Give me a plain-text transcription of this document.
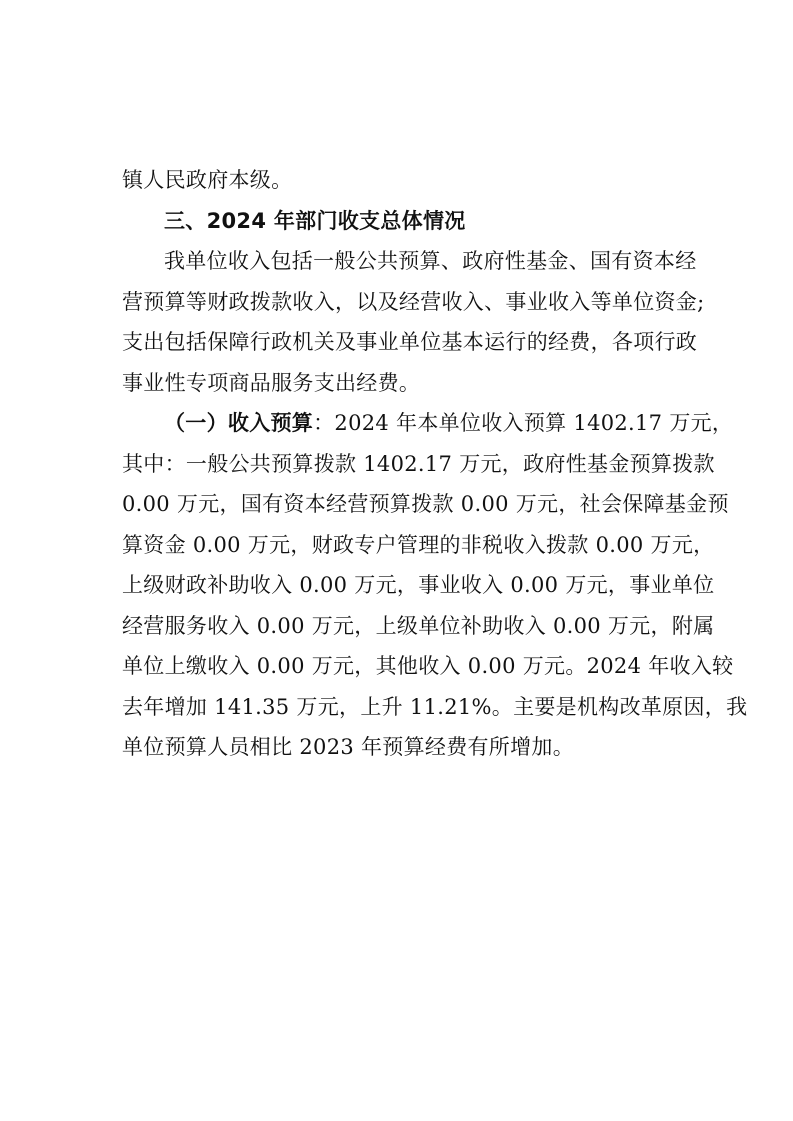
镇人民政府本级。
三、2024 年部门收支总体情况
我单位收入包括一般公共预算、政府性基金、国有资本经
营预算等财政拨款收入，以及经营收入、事业收入等单位资金;
支出包括保障行政机关及事业单位基本运行的经费，各项行政
事业性专项商品服务支出经费。
（一）收入预算：2024 年本单位收入预算 1402.17 万元，
其中：一般公共预算拨款 1402.17 万元，政府性基金预算拨款
0.00 万元，国有资本经营预算拨款 0.00 万元，社会保障基金预
算资金 0.00 万元，财政专户管理的非税收入拨款 0.00 万元，
上级财政补助收入 0.00 万元，事业收入 0.00 万元，事业单位
经营服务收入 0.00 万元，上级单位补助收入 0.00 万元，附属
单位上缴收入 0.00 万元，其他收入 0.00 万元。2024 年收入较
去年增加 141.35 万元，上升 11.21%。主要是机构改革原因，我
单位预算人员相比 2023 年预算经费有所增加。
